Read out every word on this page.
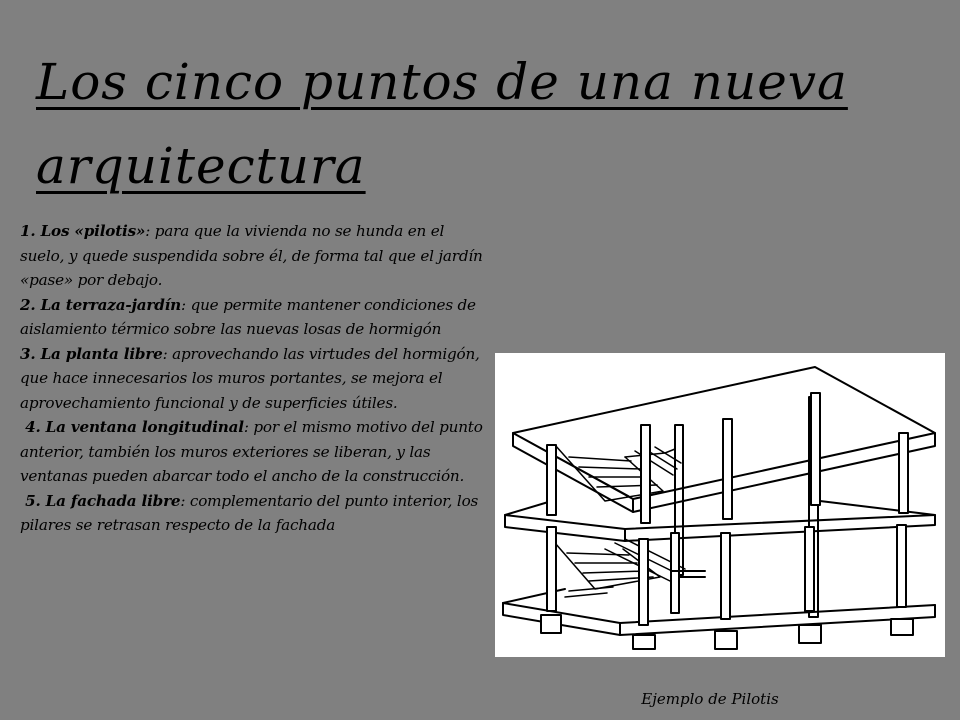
Los cinco puntos de una nueva arquitectura

1. Los «pilotis»: para que la vivienda no se hunda en el suelo, y quede suspendida sobre él, de forma tal que el jardín «pase» por debajo.

2. La terraza-jardín: que permite mantener condiciones de aislamiento térmico sobre las nuevas losas de hormigón

3. La planta libre: aprovechando las virtudes del hormigón, que hace innecesarios los muros portantes, se mejora el aprovechamiento funcional y de superficies útiles.

4. La ventana longitudinal: por el mismo motivo del punto anterior, también los muros exteriores se liberan, y las ventanas pueden abarcar todo el ancho de la construcción.

5. La fachada libre: complementario del punto interior, los pilares se retrasan respecto de la fachada

Ejemplo de Pilotis
